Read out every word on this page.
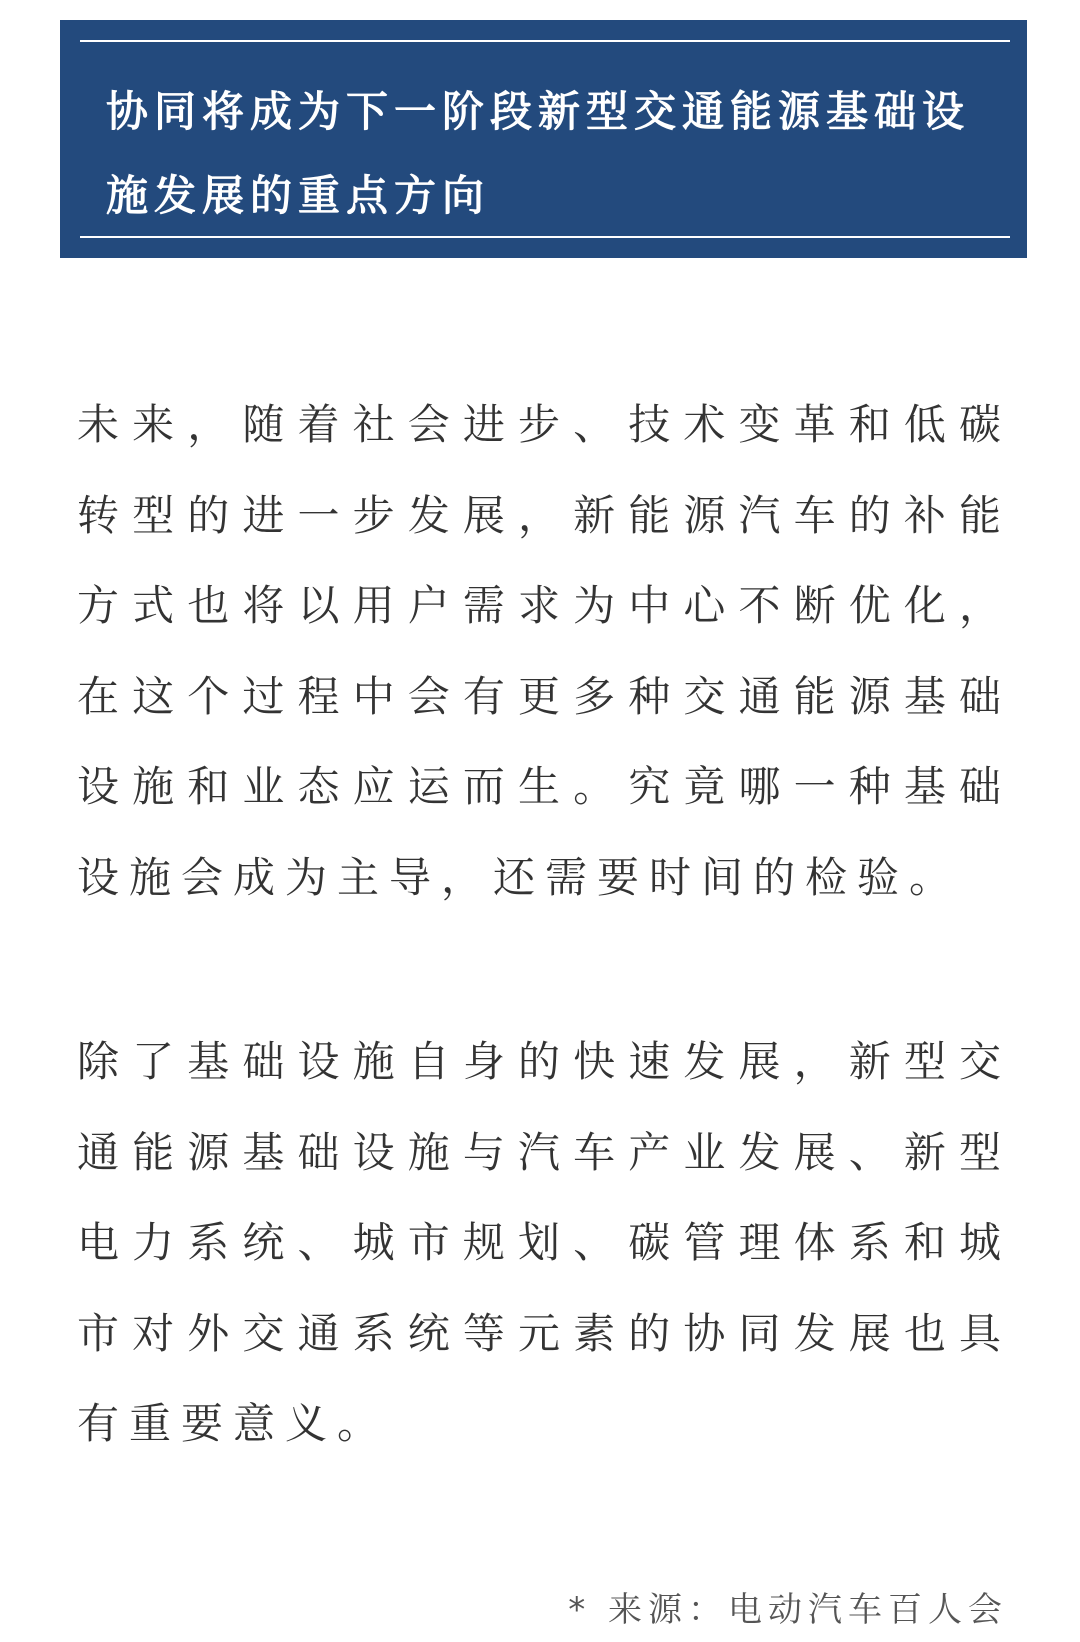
协同将成为下一阶段新型交通能源基础设施发展的重点方向

未来，随着社会进步、技术变革和低碳转型的进一步发展，新能源汽车的补能方式也将以用户需求为中心不断优化，在这个过程中会有更多种交通能源基础设施和业态应运而生。究竟哪一种基础设施会成为主导，还需要时间的检验。

除了基础设施自身的快速发展，新型交通能源基础设施与汽车产业发展、新型电力系统、城市规划、碳管理体系和城市对外交通系统等元素的协同发展也具有重要意义。

* 来源：电动汽车百人会
